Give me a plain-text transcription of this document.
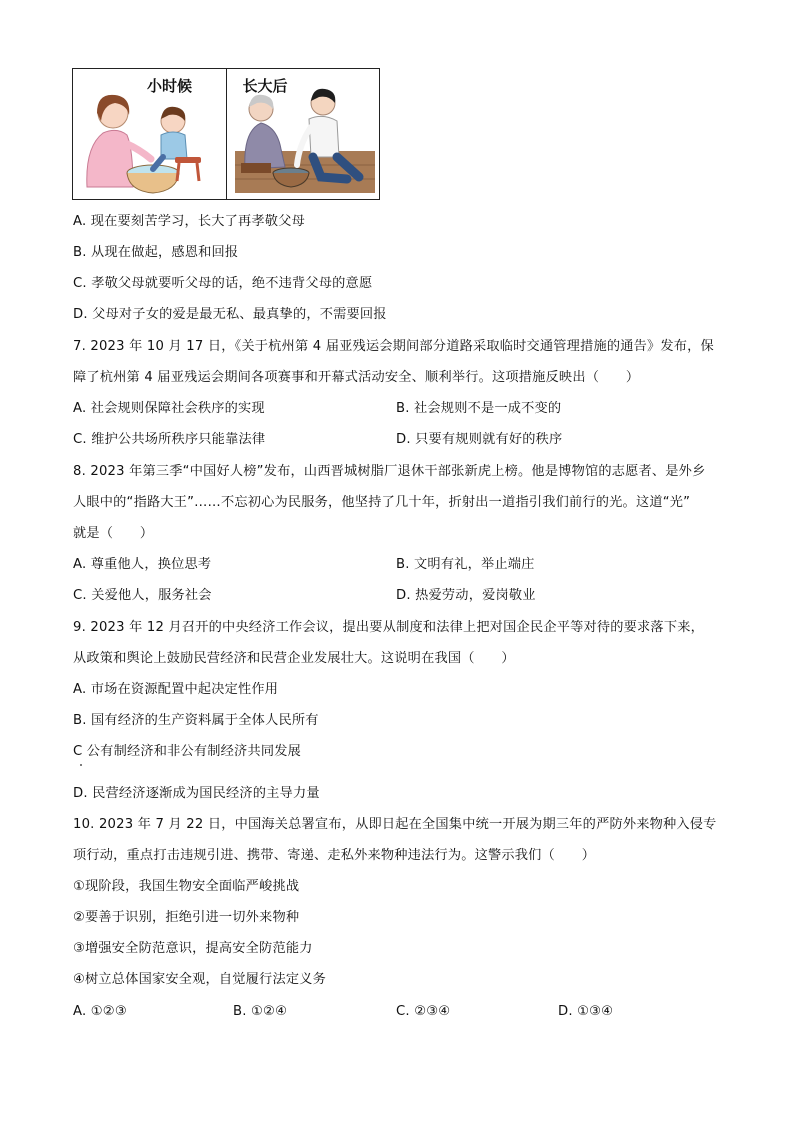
小时候	长大后
A. 现在要刻苦学习，长大了再孝敬父母
B. 从现在做起，感恩和回报
C. 孝敬父母就要听父母的话，绝不违背父母的意愿
D. 父母对子女的爱是最无私、最真挚的，不需要回报
7. 2023 年 10 月 17 日，《关于杭州第 4 届亚残运会期间部分道路采取临时交通管理措施的通告》发布，保
障了杭州第 4 届亚残运会期间各项赛事和开幕式活动安全、顺利举行。这项措施反映出（　　）
A. 社会规则保障社会秩序的实现	B. 社会规则不是一成不变的
C. 维护公共场所秩序只能靠法律	D. 只要有规则就有好的秩序
8. 2023 年第三季“中国好人榜”发布，山西晋城树脂厂退休干部张新虎上榜。他是博物馆的志愿者、是外乡
人眼中的“指路大王”……不忘初心为民服务，他坚持了几十年，折射出一道指引我们前行的光。这道“光”
就是（　　）
A. 尊重他人，换位思考	B. 文明有礼，举止端庄
C. 关爱他人，服务社会	D. 热爱劳动，爱岗敬业
9. 2023 年 12 月召开的中央经济工作会议，提出要从制度和法律上把对国企民企平等对待的要求落下来，
从政策和舆论上鼓励民营经济和民营企业发展壮大。这说明在我国（　　）
A. 市场在资源配置中起决定性作用
B. 国有经济的生产资料属于全体人民所有
C 公有制经济和非公有制经济共同发展
D. 民营经济逐渐成为国民经济的主导力量
10. 2023 年 7 月 22 日，中国海关总署宣布，从即日起在全国集中统一开展为期三年的严防外来物种入侵专
项行动，重点打击违规引进、携带、寄递、走私外来物种违法行为。这警示我们（　　）
①现阶段，我国生物安全面临严峻挑战
②要善于识别，拒绝引进一切外来物种
③增强安全防范意识，提高安全防范能力
④树立总体国家安全观，自觉履行法定义务
A. ①②③	B. ①②④	C. ②③④	D. ①③④
